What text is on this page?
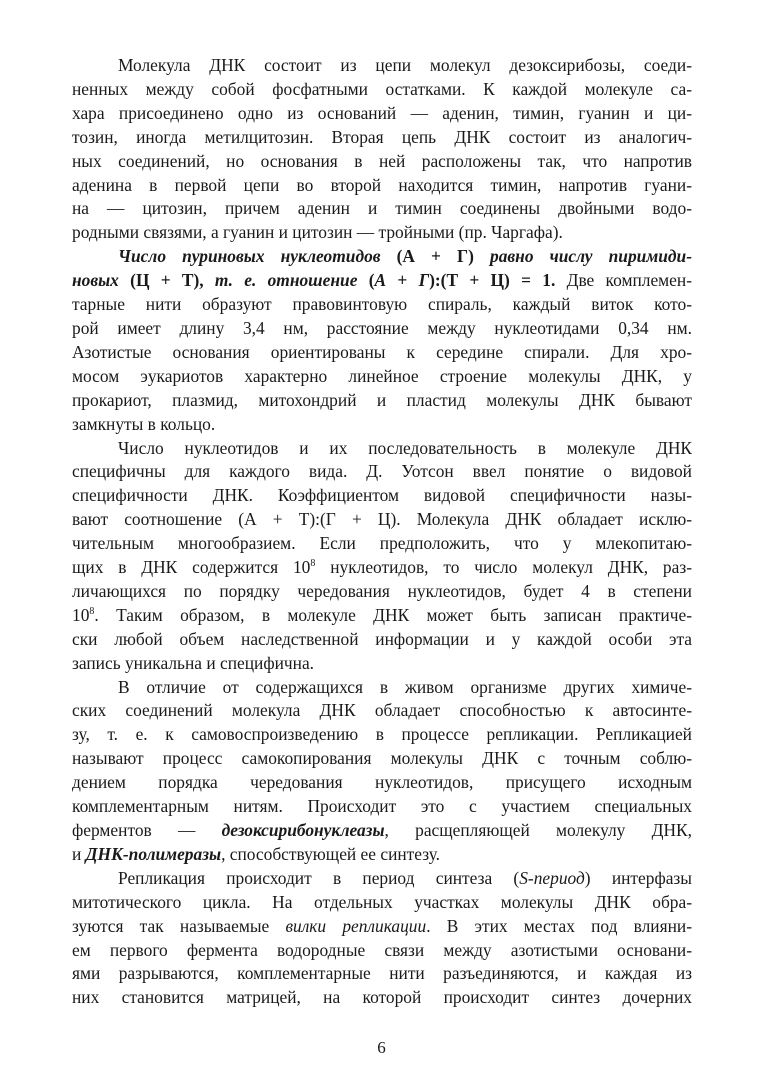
Молекула ДНК состоит из цепи молекул дезоксирибозы, соеди-
ненных между собой фосфатными остатками. К каждой молекуле са-
хара присоединено одно из оснований — аденин, тимин, гуанин и ци-
тозин, иногда метилцитозин. Вторая цепь ДНК состоит из аналогич-
ных соединений, но основания в ней расположены так, что напротив
аденина в первой цепи во второй находится тимин, напротив гуани-
на — цитозин, причем аденин и тимин соединены двойными водо-
родными связями, а гуанин и цитозин — тройными (пр. Чаргафа).
Число пуриновых нуклеотидов (А + Г) равно числу пиримиди-
новых (Ц + Т), т. е. отношение (А + Г):(Т + Ц) = 1. Две комплемен-
тарные нити образуют правовинтовую спираль, каждый виток кото-
рой имеет длину 3,4 нм, расстояние между нуклеотидами 0,34 нм.
Азотистые основания ориентированы к середине спирали. Для хро-
мосом эукариотов характерно линейное строение молекулы ДНК, у
прокариот, плазмид, митохондрий и пластид молекулы ДНК бывают
замкнуты в кольцо.
Число нуклеотидов и их последовательность в молекуле ДНК
специфичны для каждого вида. Д. Уотсон ввел понятие о видовой
специфичности ДНК. Коэффициентом видовой специфичности назы-
вают соотношение (А + Т):(Г + Ц). Молекула ДНК обладает исклю-
чительным многообразием. Если предположить, что у млекопитаю-
щих в ДНК содержится $10^8$ нуклеотидов, то число молекул ДНК, раз-
личающихся по порядку чередования нуклеотидов, будет 4 в степени
$10^8$. Таким образом, в молекуле ДНК может быть записан практиче-
ски любой объем наследственной информации и у каждой особи эта
запись уникальна и специфична.
В отличие от содержащихся в живом организме других химиче-
ских соединений молекула ДНК обладает способностью к автосинте-
зу, т. е. к самовоспроизведению в процессе репликации. Репликацией
называют процесс самокопирования молекулы ДНК с точным соблю-
дением порядка чередования нуклеотидов, присущего исходным
комплементарным нитям. Происходит это с участием специальных
ферментов — дезоксирибонуклеазы, расщепляющей молекулу ДНК,
и ДНК-полимеразы, способствующей ее синтезу.
Репликация происходит в период синтеза (S-период) интерфазы
митотического цикла. На отдельных участках молекулы ДНК обра-
зуются так называемые вилки репликации. В этих местах под влияни-
ем первого фермента водородные связи между азотистыми основани-
ями разрываются, комплементарные нити разъединяются, и каждая из
них становится матрицей, на которой происходит синтез дочерних
6
